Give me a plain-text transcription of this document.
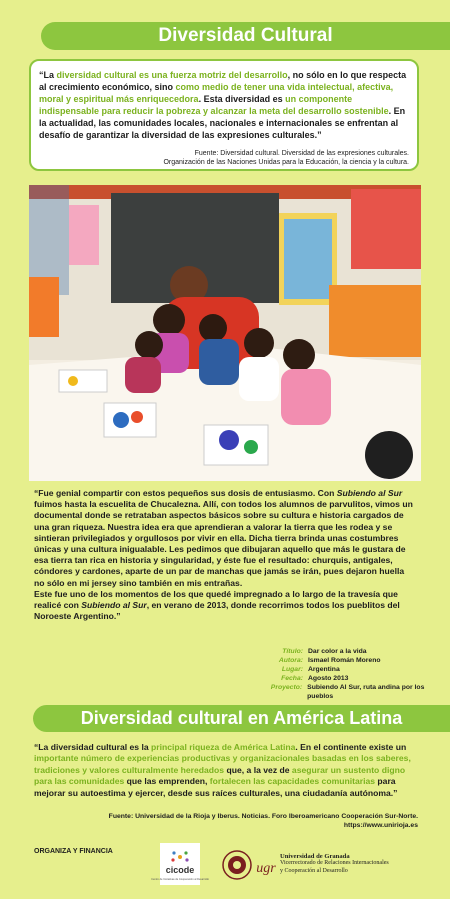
Diversidad Cultural
“La diversidad cultural es una fuerza motriz del desarrollo, no sólo en lo que respecta al crecimiento económico, sino como medio de tener una vida intelectual, afectiva, moral y espiritual más enriquecedora. Esta diversidad es un componente indispensable para reducir la pobreza y alcanzar la meta del desarrollo sostenible. En la actualidad, las comunidades locales, nacionales e internacionales se enfrentan al desafío de garantizar la diversidad de las expresiones culturales.”
Fuente: Diversidad cultural. Diversidad de las expresiones culturales.
Organización de las Naciones Unidas para la Educación, la ciencia y la cultura.
“Fue genial compartir con estos pequeños sus dosis de entusiasmo. Con Subiendo al Sur fuimos hasta la escuelita de Chucalezna. Allí, con todos los alumnos de parvulitos, vimos un documental donde se retrataban aspectos básicos sobre su cultura e historia cargados de una gran riqueza. Nuestra idea era que aprendieran a valorar la tierra que les rodea y se sintieran privilegiados y orgullosos por vivir en ella. Dicha tierra brinda unas costumbres únicas y una cultura inigualable. Les pedimos que dibujaran aquello que más le gustara de esa tierra tan rica en historia y singularidad, y éste fue el resultado: churquis, antigales, cóndores y cardones, aparte de un par de manchas que jamás se irán, pues dejaron huella no sólo en mi jersey sino también en mis entrañas.
Este fue uno de los momentos de los que quedé impregnado a lo largo de la travesía que realicé con Subiendo al Sur, en verano de 2013, donde recorrimos todos los pueblitos del Noroeste Argentino.”
Título: Dar color a la vida
Autora: Ismael Román Moreno
Lugar: Argentina
Fecha: Agosto 2013
Proyecto: Subiendo Al Sur, ruta andina por los pueblos
Diversidad cultural en América Latina
“La diversidad cultural es la principal riqueza de América Latina. En el continente existe un importante número de experiencias productivas y organizacionales basadas en los saberes, tradiciones y valores culturalmente heredados que, a la vez de asegurar un sustento digno para las comunidades que las emprenden, fortalecen las capacidades comunitarias para mejorar su autoestima y ejercer, desde sus raíces culturales, una ciudadanía autónoma.”
Fuente: Universidad de la Rioja y Iberus. Noticias. Foro Iberoamericano Cooperación Sur-Norte.
https://www.unirioja.es
ORGANIZA Y FINANCIA
cicode
Centro de Iniciativas de Cooperación al Desarrollo
ugr
Universidad de Granada
Vicerrectorado de Relaciones Internacionales
y Cooperación al Desarrollo
